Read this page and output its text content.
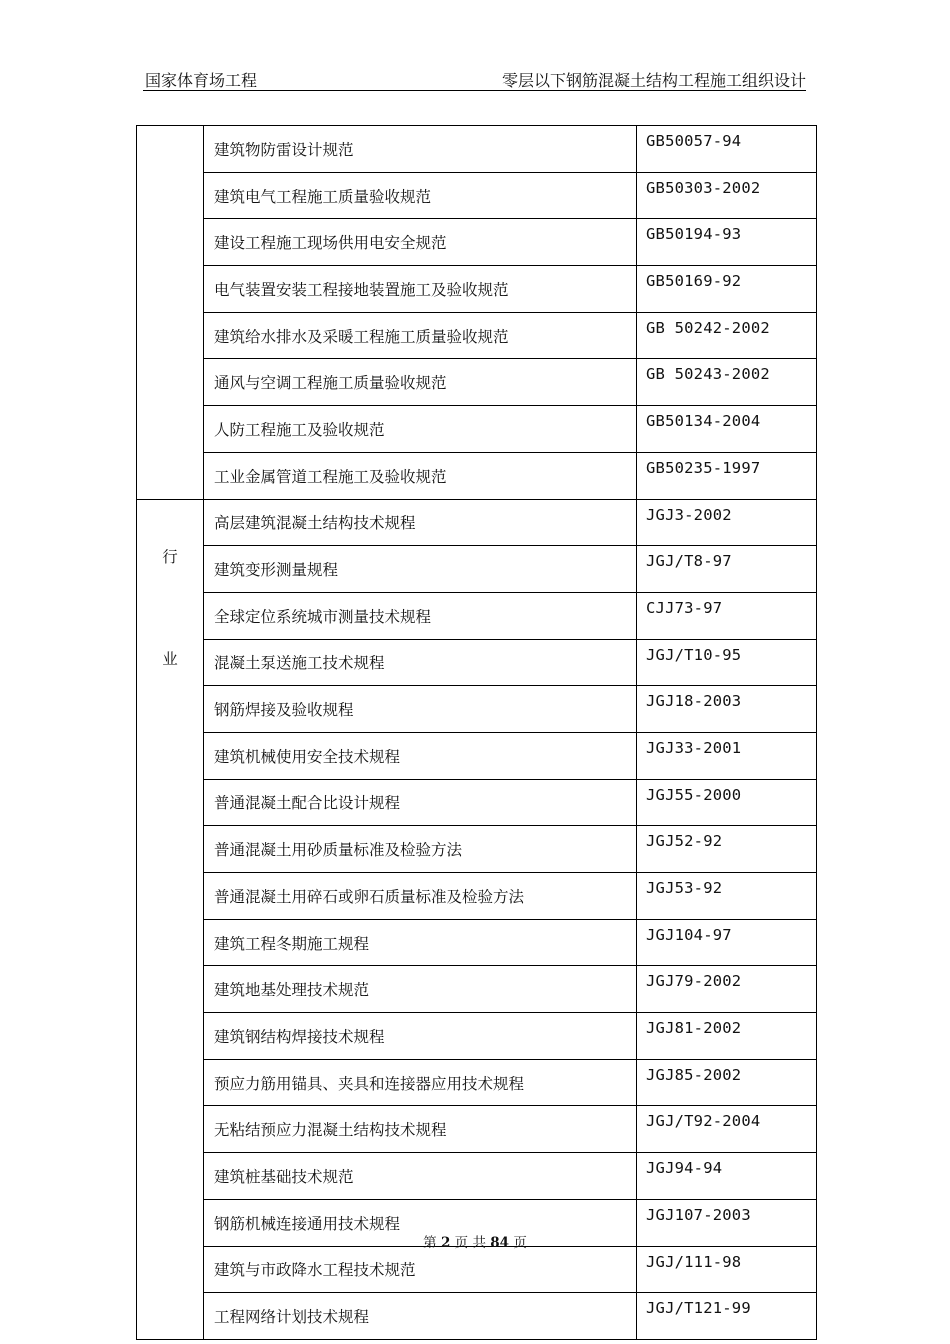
国家体育场工程	零层以下钢筋混凝土结构工程施工组织设计
	建筑物防雷设计规范	GB50057-94
	建筑电气工程施工质量验收规范	GB50303-2002
	建设工程施工现场供用电安全规范	GB50194-93
	电气装置安装工程接地装置施工及验收规范	GB50169-92
	建筑给水排水及采暖工程施工质量验收规范	GB 50242-2002
	通风与空调工程施工质量验收规范	GB 50243-2002
	人防工程施工及验收规范	GB50134-2004
	工业金属管道工程施工及验收规范	GB50235-1997

行
业	高层建筑混凝土结构技术规程	JGJ3-2002
	建筑变形测量规程	JGJ/T8-97
	全球定位系统城市测量技术规程	CJJ73-97
	混凝土泵送施工技术规程	JGJ/T10-95
	钢筋焊接及验收规程	JGJ18-2003
	建筑机械使用安全技术规程	JGJ33-2001
	普通混凝土配合比设计规程	JGJ55-2000
	普通混凝土用砂质量标准及检验方法	JGJ52-92
	普通混凝土用碎石或卵石质量标准及检验方法	JGJ53-92
	建筑工程冬期施工规程	JGJ104-97
	建筑地基处理技术规范	JGJ79-2002
	建筑钢结构焊接技术规程	JGJ81-2002
	预应力筋用锚具、夹具和连接器应用技术规程	JGJ85-2002
	无粘结预应力混凝土结构技术规程	JGJ/T92-2004
	建筑桩基础技术规范	JGJ94-94
	钢筋机械连接通用技术规程	JGJ107-2003
	建筑与市政降水工程技术规范	JGJ/111-98
	工程网络计划技术规程	JGJ/T121-99
第 2 页 共 84 页
